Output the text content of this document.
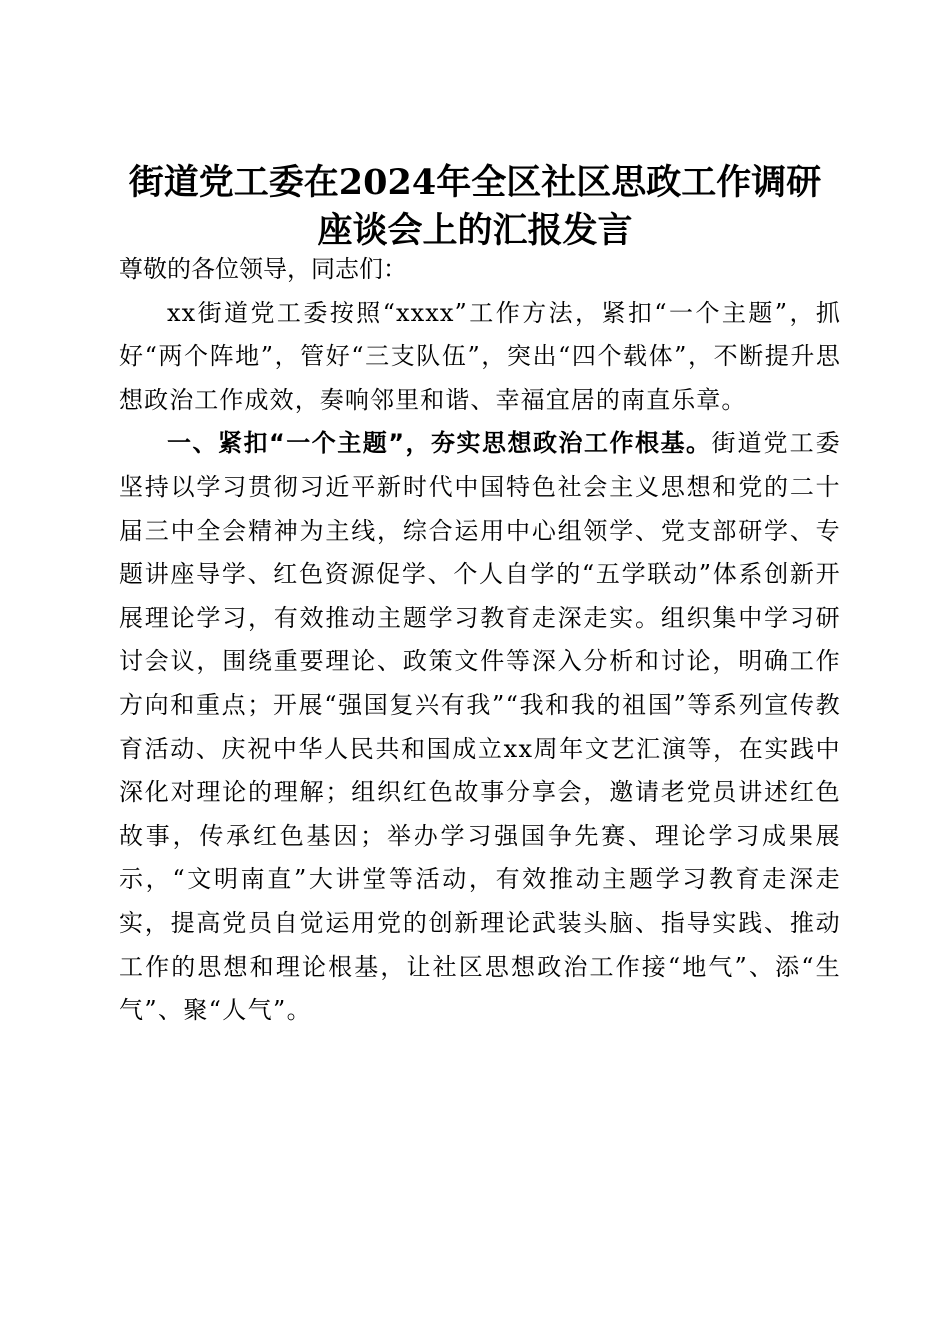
街道党工委在2024年全区社区思政工作调研
座谈会上的汇报发言

尊敬的各位领导，同志们：

xx街道党工委按照“xxxx”工作方法，紧扣“一个主题”，抓好“两个阵地”，管好“三支队伍”，突出“四个载体”，不断提升思想政治工作成效，奏响邻里和谐、幸福宜居的南直乐章。

一、紧扣“一个主题”，夯实思想政治工作根基。街道党工委坚持以学习贯彻习近平新时代中国特色社会主义思想和党的二十届三中全会精神为主线，综合运用中心组领学、党支部研学、专题讲座导学、红色资源促学、个人自学的“五学联动”体系创新开展理论学习，有效推动主题学习教育走深走实。组织集中学习研讨会议，围绕重要理论、政策文件等深入分析和讨论，明确工作方向和重点；开展“强国复兴有我”“我和我的祖国”等系列宣传教育活动、庆祝中华人民共和国成立xx周年文艺汇演等，在实践中深化对理论的理解；组织红色故事分享会，邀请老党员讲述红色故事，传承红色基因；举办学习强国争先赛、理论学习成果展示，“文明南直”大讲堂等活动，有效推动主题学习教育走深走实，提高党员自觉运用党的创新理论武装头脑、指导实践、推动工作的思想和理论根基，让社区思想政治工作接“地气”、添“生气”、聚“人气”。
